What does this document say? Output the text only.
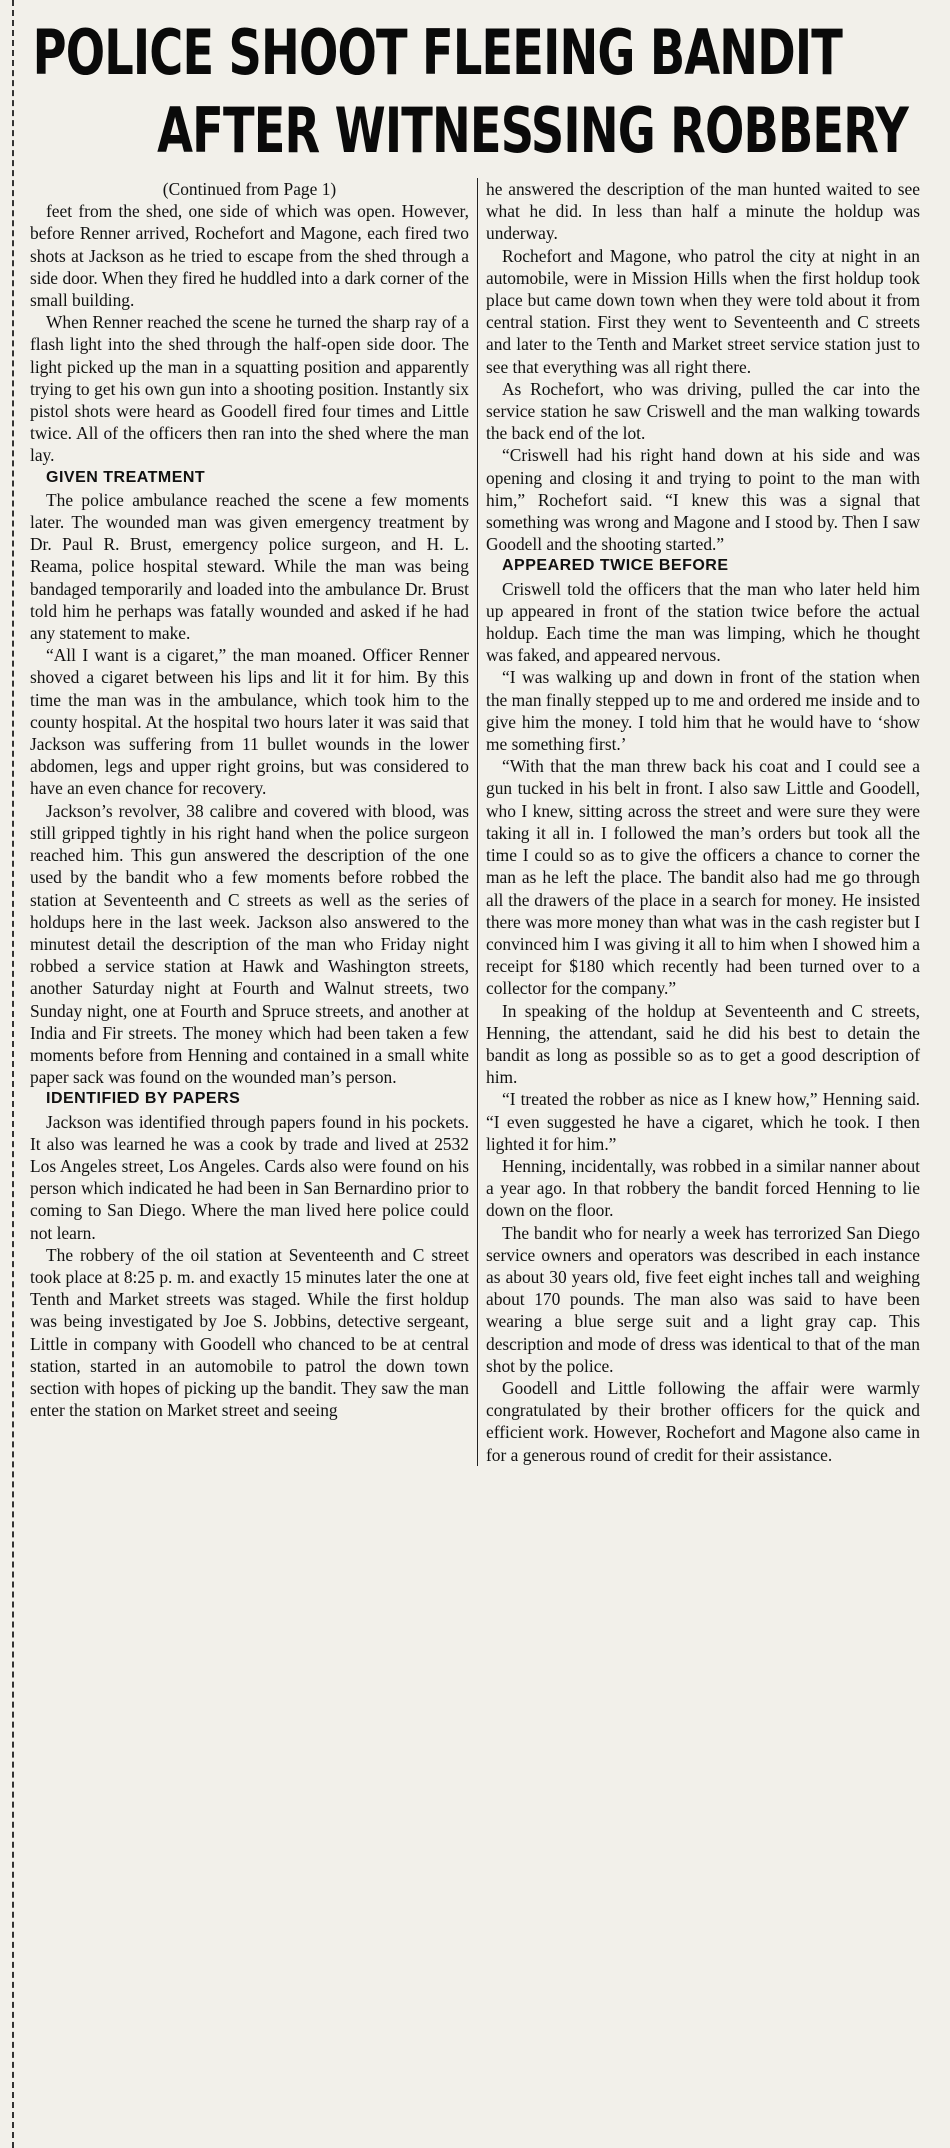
POLICE SHOOT FLEEING BANDIT
AFTER WITNESSING ROBBERY

(Continued from Page 1)

feet from the shed, one side of which was open. However, before Renner arrived, Rochefort and Magone, each fired two shots at Jackson as he tried to escape from the shed through a side door. When they fired he huddled into a dark corner of the small building.

When Renner reached the scene he turned the sharp ray of a flash light into the shed through the half-open side door. The light picked up the man in a squatting position and apparently trying to get his own gun into a shooting position. Instantly six pistol shots were heard as Goodell fired four times and Little twice. All of the officers then ran into the shed where the man lay.

GIVEN TREATMENT

The police ambulance reached the scene a few moments later. The wounded man was given emergency treatment by Dr. Paul R. Brust, emergency police surgeon, and H. L. Reama, police hospital steward. While the man was being bandaged temporarily and loaded into the ambulance Dr. Brust told him he perhaps was fatally wounded and asked if he had any statement to make.

“All I want is a cigaret,” the man moaned. Officer Renner shoved a cigaret between his lips and lit it for him. By this time the man was in the ambulance, which took him to the county hospital. At the hospital two hours later it was said that Jackson was suffering from 11 bullet wounds in the lower abdomen, legs and upper right groins, but was considered to have an even chance for recovery.

Jackson’s revolver, 38 calibre and covered with blood, was still gripped tightly in his right hand when the police surgeon reached him. This gun answered the description of the one used by the bandit who a few moments before robbed the station at Seventeenth and C streets as well as the series of holdups here in the last week. Jackson also answered to the minutest detail the description of the man who Friday night robbed a service station at Hawk and Washington streets, another Saturday night at Fourth and Walnut streets, two Sunday night, one at Fourth and Spruce streets, and another at India and Fir streets. The money which had been taken a few moments before from Henning and contained in a small white paper sack was found on the wounded man’s person.

IDENTIFIED BY PAPERS

Jackson was identified through papers found in his pockets. It also was learned he was a cook by trade and lived at 2532 Los Angeles street, Los Angeles. Cards also were found on his person which indicated he had been in San Bernardino prior to coming to San Diego. Where the man lived here police could not learn.

The robbery of the oil station at Seventeenth and C street took place at 8:25 p. m. and exactly 15 minutes later the one at Tenth and Market streets was staged. While the first holdup was being investigated by Joe S. Jobbins, detective sergeant, Little in company with Goodell who chanced to be at central station, started in an automobile to patrol the down town section with hopes of picking up the bandit. They saw the man enter the station on Market street and seeing

he answered the description of the man hunted waited to see what he did. In less than half a minute the holdup was underway.

Rochefort and Magone, who patrol the city at night in an automobile, were in Mission Hills when the first holdup took place but came down town when they were told about it from central station. First they went to Seventeenth and C streets and later to the Tenth and Market street service station just to see that everything was all right there.

As Rochefort, who was driving, pulled the car into the service station he saw Criswell and the man walking towards the back end of the lot.

“Criswell had his right hand down at his side and was opening and closing it and trying to point to the man with him,” Rochefort said. “I knew this was a signal that something was wrong and Magone and I stood by. Then I saw Goodell and the shooting started.”

APPEARED TWICE BEFORE

Criswell told the officers that the man who later held him up appeared in front of the station twice before the actual holdup. Each time the man was limping, which he thought was faked, and appeared nervous.

“I was walking up and down in front of the station when the man finally stepped up to me and ordered me inside and to give him the money. I told him that he would have to ‘show me something first.’

“With that the man threw back his coat and I could see a gun tucked in his belt in front. I also saw Little and Goodell, who I knew, sitting across the street and were sure they were taking it all in. I followed the man’s orders but took all the time I could so as to give the officers a chance to corner the man as he left the place. The bandit also had me go through all the drawers of the place in a search for money. He insisted there was more money than what was in the cash register but I convinced him I was giving it all to him when I showed him a receipt for $180 which recently had been turned over to a collector for the company.”

In speaking of the holdup at Seventeenth and C streets, Henning, the attendant, said he did his best to detain the bandit as long as possible so as to get a good description of him.

“I treated the robber as nice as I knew how,” Henning said. “I even suggested he have a cigaret, which he took. I then lighted it for him.”

Henning, incidentally, was robbed in a similar nanner about a year ago. In that robbery the bandit forced Henning to lie down on the floor.

The bandit who for nearly a week has terrorized San Diego service owners and operators was described in each instance as about 30 years old, five feet eight inches tall and weighing about 170 pounds. The man also was said to have been wearing a blue serge suit and a light gray cap. This description and mode of dress was identical to that of the man shot by the police.

Goodell and Little following the affair were warmly congratulated by their brother officers for the quick and efficient work. However, Rochefort and Magone also came in for a generous round of credit for their assistance.
